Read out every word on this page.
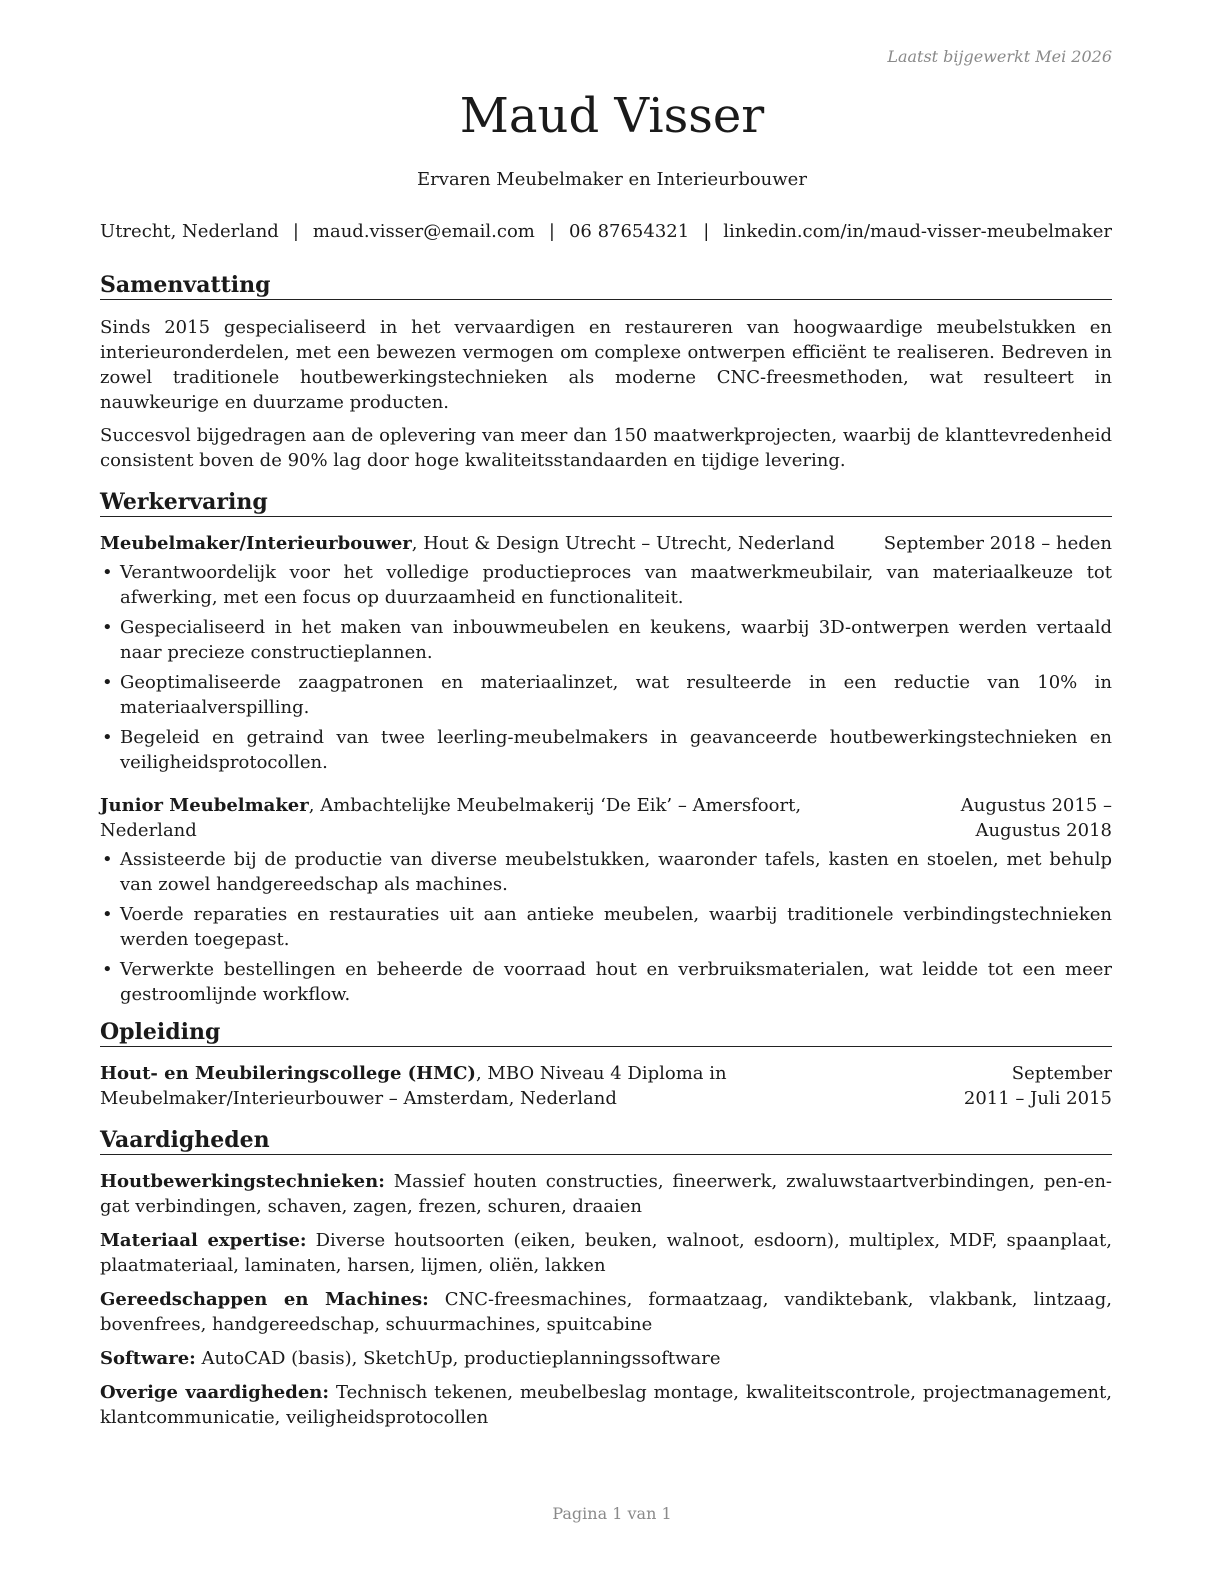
Laatst bijgewerkt Mei 2026
Maud Visser
Ervaren Meubelmaker en Interieurbouwer
Utrecht, Nederland | maud.visser@email.com | 06 87654321 | linkedin.com/in/maud-visser-meubelmaker
Samenvatting

Sinds 2015 gespecialiseerd in het vervaardigen en restaureren van hoogwaardige meubelstukken en interieuronderdelen, met een bewezen vermogen om complexe ontwerpen efficiënt te realiseren. Bedreven in zowel traditionele houtbewerkingstechnieken als moderne CNC-freesmethoden, wat resulteert in nauwkeurige en duurzame producten.

Succesvol bijgedragen aan de oplevering van meer dan 150 maatwerkprojecten, waarbij de klanttevredenheid consistent boven de 90% lag door hoge kwaliteitsstandaarden en tijdige levering.

Werkervaring
Meubelmaker/Interieurbouwer, Hout & Design Utrecht – Utrecht, Nederland	September 2018 – heden
• Verantwoordelijk voor het volledige productieproces van maatwerkmeubilair, van materiaalkeuze tot afwerking, met een focus op duurzaamheid en functionaliteit.
• Gespecialiseerd in het maken van inbouwmeubelen en keukens, waarbij 3D-ontwerpen werden vertaald naar precieze constructieplannen.
• Geoptimaliseerde zaagpatronen en materiaalinzet, wat resulteerde in een reductie van 10% in materiaalverspilling.
• Begeleid en getraind van twee leerling-meubelmakers in geavanceerde houtbewerkingstechnieken en veiligheidsprotocollen.
Junior Meubelmaker, Ambachtelijke Meubelmakerij ‘De Eik’ – Amersfoort, Nederland
Augustus 2015 – Augustus 2018
• Assisteerde bij de productie van diverse meubelstukken, waaronder tafels, kasten en stoelen, met behulp van zowel handgereedschap als machines.
• Voerde reparaties en restauraties uit aan antieke meubelen, waarbij traditionele verbindingstechnieken werden toegepast.
• Verwerkte bestellingen en beheerde de voorraad hout en verbruiksmaterialen, wat leidde tot een meer gestroomlijnde workflow.
Opleiding
Hout- en Meubileringscollege (HMC), MBO Niveau 4 Diploma in Meubelmaker/Interieurbouwer – Amsterdam, Nederland
September 2011 – Juli 2015
Vaardigheden

Houtbewerkingstechnieken: Massief houten constructies, fineerwerk, zwaluwstaartverbindingen, pen-en-gat verbindingen, schaven, zagen, frezen, schuren, draaien

Materiaal expertise: Diverse houtsoorten (eiken, beuken, walnoot, esdoorn), multiplex, MDF, spaanplaat, plaatmateriaal, laminaten, harsen, lijmen, oliën, lakken

Gereedschappen en Machines: CNC-freesmachines, formaatzaag, vandiktebank, vlakbank, lintzaag, bovenfrees, handgereedschap, schuurmachines, spuitcabine

Software: AutoCAD (basis), SketchUp, productieplanningssoftware

Overige vaardigheden: Technisch tekenen, meubelbeslag montage, kwaliteitscontrole, projectmanagement, klantcommunicatie, veiligheidsprotocollen

Pagina 1 van 1
